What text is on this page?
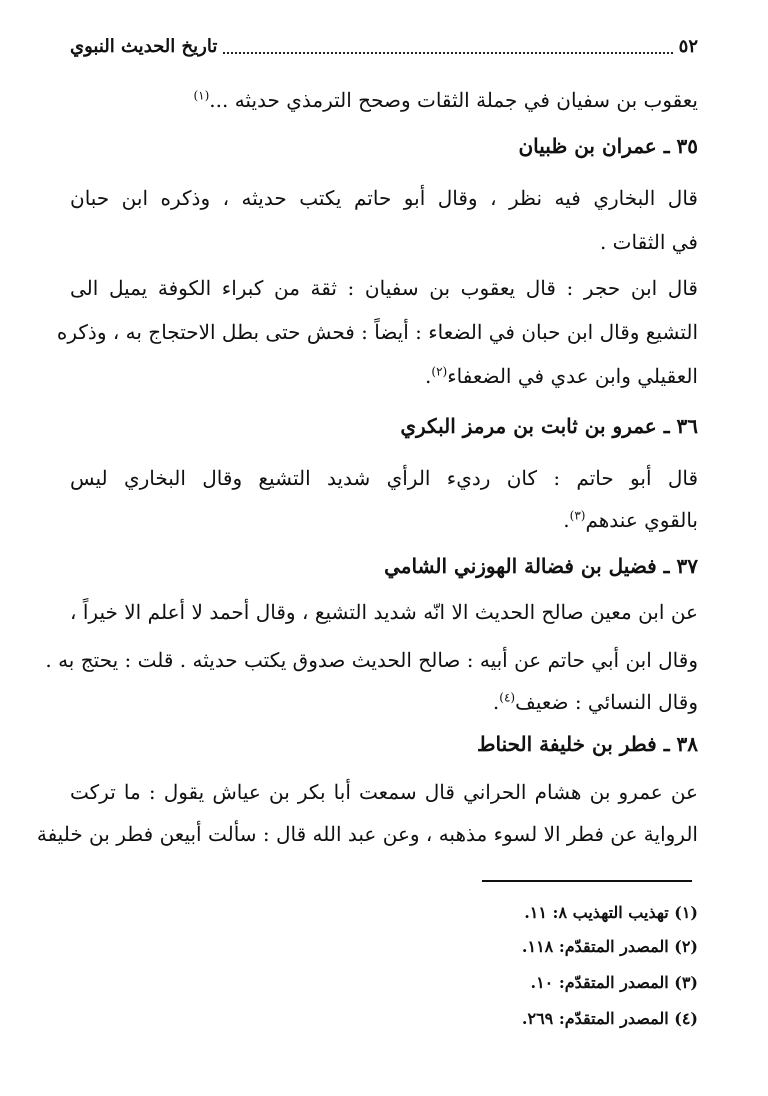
٥٢
تاريخ الحديث النبوي
يعقوب بن سفيان في جملة الثقات وصحح الترمذي حديثه ...$^{(١)}$
٣٥ ـ عمران بن ظبيان
قال البخاري فيه نظر ، وقال أبو حاتم يكتب حديثه ، وذكره ابن حبان
في الثقات .
قال ابن حجر : قال يعقوب بن سفيان : ثقة من كبراء الكوفة يميل الى
التشيع وقال ابن حبان في الضعاء : أيضاً : فحش حتى بطل الاحتجاج به ، وذكره
العقيلي وابن عدي في الضعفاء$^{(٢)}$.
٣٦ ـ عمرو بن ثابت بن مرمز البكري
قال أبو حاتم : كان رديء الرأي شديد التشيع وقال البخاري ليس
بالقوي عندهم$^{(٣)}$.
٣٧ ـ فضيل بن فضالة الهوزني الشامي
عن ابن معين صالح الحديث الا انّه شديد التشيع ، وقال أحمد لا أعلم الا خيراً ،
وقال ابن أبي حاتم عن أبيه : صالح الحديث صدوق يكتب حديثه . قلت : يحتج به .
وقال النسائي : ضعيف$^{(٤)}$.
٣٨ ـ فطر بن خليفة الحناط
عن عمرو بن هشام الحراني قال سمعت أبا بكر بن عياش يقول : ما تركت
الرواية عن فطر الا لسوء مذهبه ، وعن عبد الله قال : سألت أبيعن فطر بن خليفة
(١) تهذيب التهذيب ٨: ١١.
(٢) المصدر المتقدّم: ١١٨.
(٣) المصدر المتقدّم: ١٠.
(٤) المصدر المتقدّم: ٢٦٩.
